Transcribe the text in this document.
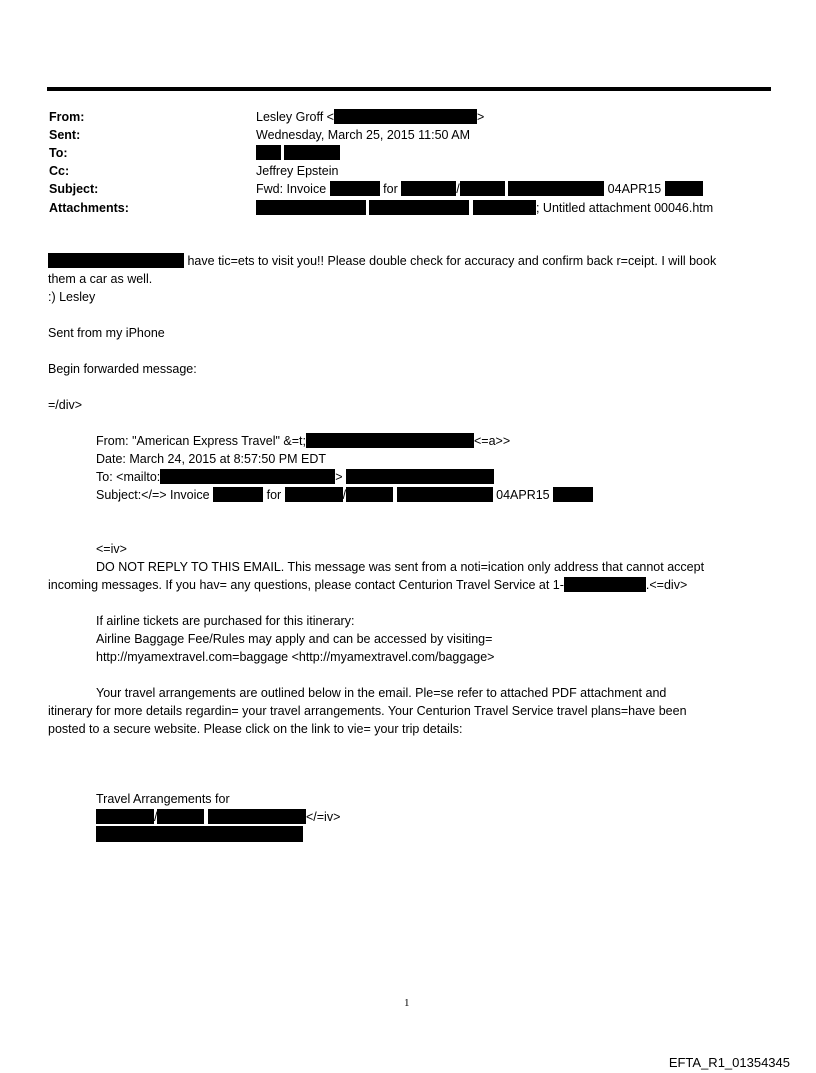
From:	Lesley Groff <	>
Sent:	Wednesday, March 25, 2015 11:50 AM
To:

Cc:	Jeffrey Epstein
Subject:	Fwd: Invoice	for	/	04APR15
Attachments:	; Untitled attachment 00046.htm
have tic=ets to visit you!! Please double check for accuracy and confirm back r=ceipt. I will book
them a car as well.
:) Lesley
Sent from my iPhone
Begin forwarded message:
=/div>
From: "American Express Travel" &=t;	<=a>>
Date: March 24, 2015 at 8:57:50 PM EDT
To: <mailto:	>
Subject:</=> Invoice	for	/	04APR15
<=iv>
DO NOT REPLY TO THIS EMAIL. This message was sent from a noti=ication only address that cannot accept
incoming messages. If you hav= any questions, please contact Centurion Travel Service at 1-	.<=div>
If airline tickets are purchased for this itinerary:
Airline Baggage Fee/Rules may apply and can be accessed by visiting=
http://myamextravel.com=baggage <http://myamextravel.com/baggage>
Your travel arrangements are outlined below in the email. Ple=se refer to attached PDF attachment and
itinerary for more details regardin= your travel arrangements. Your Centurion Travel Service travel plans=have been
posted to a secure website. Please click on the link to vie= your trip details:
Travel Arrangements for
/	</=iv>
1
EFTA_R1_01354345
